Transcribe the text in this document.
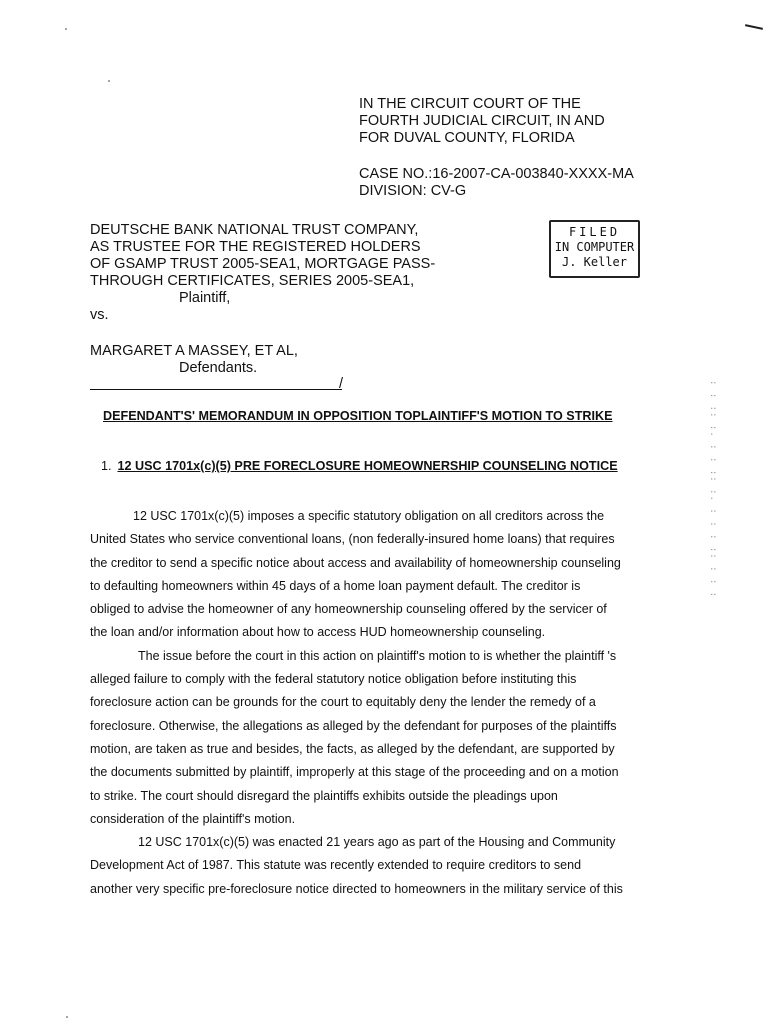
IN THE CIRCUIT COURT OF THE
FOURTH JUDICIAL CIRCUIT, IN AND
FOR DUVAL COUNTY, FLORIDA
CASE NO.:16-2007-CA-003840-XXXX-MA
DIVISION: CV-G
DEUTSCHE BANK NATIONAL TRUST COMPANY,
AS TRUSTEE FOR THE REGISTERED HOLDERS
OF GSAMP TRUST 2005-SEA1, MORTGAGE PASS-
THROUGH CERTIFICATES, SERIES 2005-SEA1,
Plaintiff,
FILED
IN COMPUTER
J. Keller
vs.
MARGARET A MASSEY, ET AL,
Defendants.
/
DEFENDANT'S' MEMORANDUM IN OPPOSITION TOPLAINTIFF'S MOTION TO STRIKE
1. 12 USC 1701x(c)(5) PRE FORECLOSURE HOMEOWNERSHIP COUNSELING NOTICE
12 USC 1701x(c)(5) imposes a specific statutory obligation on all creditors across the
United States who service conventional loans, (non federally-insured home loans) that requires
the creditor to send a specific notice about access and availability of homeownership counseling
to defaulting homeowners within 45 days of a home loan payment default. The creditor is
obliged to advise the homeowner of any homeownership counseling offered by the servicer of
the loan and/or information about how to access HUD homeownership counseling.
The issue before the court in this action on plaintiff's motion to is whether the plaintiff 's
alleged failure to comply with the federal statutory notice obligation before instituting this
foreclosure action can be grounds for the court to equitably deny the lender the remedy of a
foreclosure. Otherwise, the allegations as alleged by the defendant for purposes of the plaintiffs
motion, are taken as true and besides, the facts, as alleged by the defendant, are supported by
the documents submitted by plaintiff, improperly at this stage of the proceeding and on a motion
to strike. The court should disregard the plaintiffs exhibits outside the pleadings upon
consideration of the plaintiff's motion.
12 USC 1701x(c)(5) was enacted 21 years ago as part of the Housing and Community
Development Act of 1987. This statute was recently extended to require creditors to send
another very specific pre-foreclosure notice directed to homeowners in the military service of this
: : :: :. : : :: :. : : : :: : : :
